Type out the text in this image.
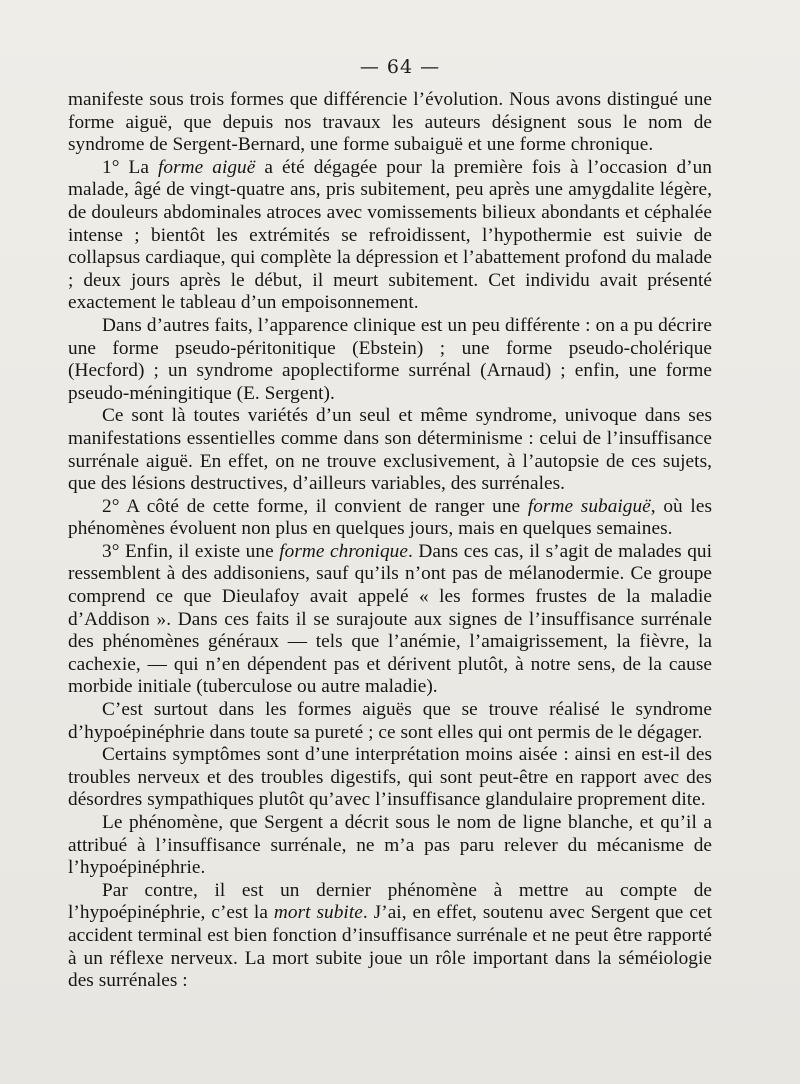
— 64 —

manifeste sous trois formes que différencie l’évolution. Nous avons distingué une forme aiguë, que depuis nos travaux les auteurs désignent sous le nom de syndrome de Sergent-Bernard, une forme subaiguë et une forme chronique.

1° La forme aiguë a été dégagée pour la première fois à l’occasion d’un malade, âgé de vingt-quatre ans, pris subitement, peu après une amygdalite légère, de douleurs abdominales atroces avec vomissements bilieux abondants et céphalée intense ; bientôt les extrémités se refroidissent, l’hypothermie est suivie de collapsus cardiaque, qui complète la dépression et l’abattement profond du malade ; deux jours après le début, il meurt subitement. Cet individu avait présenté exactement le tableau d’un empoisonnement.

Dans d’autres faits, l’apparence clinique est un peu différente : on a pu décrire une forme pseudo-péritonitique (Ebstein) ; une forme pseudo-cholérique (Hecford) ; un syndrome apoplectiforme surrénal (Arnaud) ; enfin, une forme pseudo-méningitique (E. Sergent).

Ce sont là toutes variétés d’un seul et même syndrome, univoque dans ses manifestations essentielles comme dans son déterminisme : celui de l’insuffisance surrénale aiguë. En effet, on ne trouve exclusivement, à l’autopsie de ces sujets, que des lésions destructives, d’ailleurs variables, des surrénales.

2° A côté de cette forme, il convient de ranger une forme subaiguë, où les phénomènes évoluent non plus en quelques jours, mais en quelques semaines.

3° Enfin, il existe une forme chronique. Dans ces cas, il s’agit de malades qui ressemblent à des addisoniens, sauf qu’ils n’ont pas de mélanodermie. Ce groupe comprend ce que Dieulafoy avait appelé « les formes frustes de la maladie d’Addison ». Dans ces faits il se surajoute aux signes de l’insuffisance surrénale des phénomènes généraux — tels que l’anémie, l’amaigrissement, la fièvre, la cachexie, — qui n’en dépendent pas et dérivent plutôt, à notre sens, de la cause morbide initiale (tuberculose ou autre maladie).

C’est surtout dans les formes aiguës que se trouve réalisé le syndrome d’hypoépinéphrie dans toute sa pureté ; ce sont elles qui ont permis de le dégager.

Certains symptômes sont d’une interprétation moins aisée : ainsi en est-il des troubles nerveux et des troubles digestifs, qui sont peut-être en rapport avec des désordres sympathiques plutôt qu’avec l’insuffisance glandulaire proprement dite.

Le phénomène, que Sergent a décrit sous le nom de ligne blanche, et qu’il a attribué à l’insuffisance surrénale, ne m’a pas paru relever du mécanisme de l’hypoépinéphrie.

Par contre, il est un dernier phénomène à mettre au compte de l’hypoépinéphrie, c’est la mort subite. J’ai, en effet, soutenu avec Sergent que cet accident terminal est bien fonction d’insuffisance surrénale et ne peut être rapporté à un réflexe nerveux. La mort subite joue un rôle important dans la séméiologie des surrénales :
